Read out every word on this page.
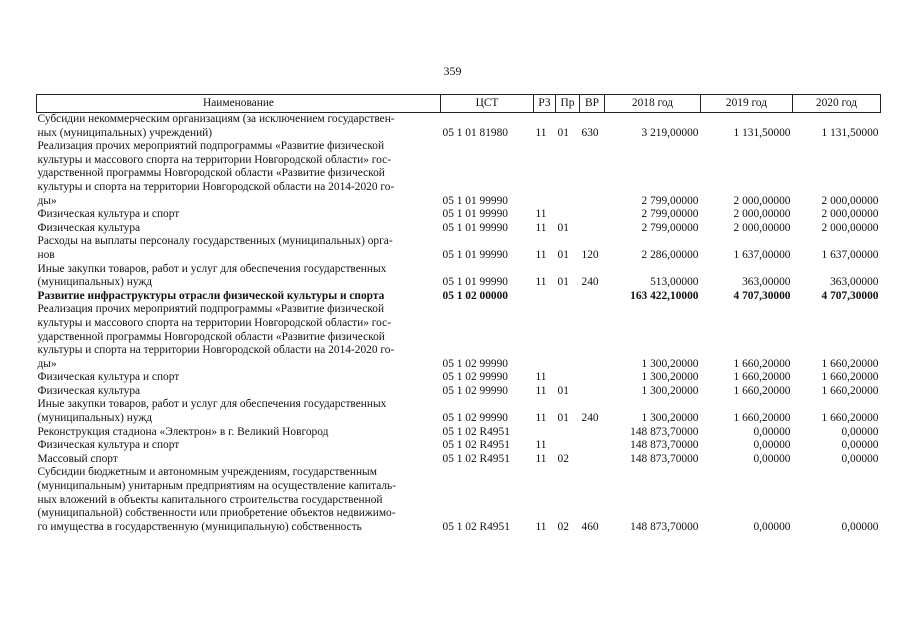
359
Наименование	ЦСТ	РЗ	Пр	ВР	2018 год	2019 год	2020 год

Субсидии некоммерческим организациям (за исключением государствен-
ных (муниципальных) учреждений)	05 1 01 81980	11	01	630	3 219,00000	1 131,50000	1 131,50000

Реализация прочих мероприятий подпрограммы «Развитие физической
культуры и массового спорта на территории Новгородской области» гос-
ударственной программы Новгородской области «Развитие физической
культуры и спорта на территории Новгородской области на 2014-2020 го-
ды»	05 1 01 99990				2 799,00000	2 000,00000	2 000,00000

Физическая культура и спорт	05 1 01 99990	11			2 799,00000	2 000,00000	2 000,00000

Физическая культура	05 1 01 99990	11	01		2 799,00000	2 000,00000	2 000,00000

Расходы на выплаты персоналу государственных (муниципальных) орга-
нов	05 1 01 99990	11	01	120	2 286,00000	1 637,00000	1 637,00000

Иные закупки товаров, работ и услуг для обеспечения государственных
(муниципальных) нужд	05 1 01 99990	11	01	240	513,00000	363,00000	363,00000

Развитие инфраструктуры отрасли физической культуры и спорта	05 1 02 00000				163 422,10000	4 707,30000	4 707,30000

Реализация прочих мероприятий подпрограммы «Развитие физической
культуры и массового спорта на территории Новгородской области» гос-
ударственной программы Новгородской области «Развитие физической
культуры и спорта на территории Новгородской области на 2014-2020 го-
ды»	05 1 02 99990				1 300,20000	1 660,20000	1 660,20000

Физическая культура и спорт	05 1 02 99990	11			1 300,20000	1 660,20000	1 660,20000

Физическая культура	05 1 02 99990	11	01		1 300,20000	1 660,20000	1 660,20000

Иные закупки товаров, работ и услуг для обеспечения государственных
(муниципальных) нужд	05 1 02 99990	11	01	240	1 300,20000	1 660,20000	1 660,20000

Реконструкция стадиона «Электрон» в г. Великий Новгород	05 1 02 R4951				148 873,70000	0,00000	0,00000

Физическая культура и спорт	05 1 02 R4951	11			148 873,70000	0,00000	0,00000

Массовый спорт	05 1 02 R4951	11	02		148 873,70000	0,00000	0,00000

Субсидии бюджетным и автономным учреждениям, государственным
(муниципальным) унитарным предприятиям на осуществление капиталь-
ных вложений в объекты капитального строительства государственной
(муниципальной) собственности или приобретение объектов недвижимо-
го имущества в государственную (муниципальную) собственность	05 1 02 R4951	11	02	460	148 873,70000	0,00000	0,00000
